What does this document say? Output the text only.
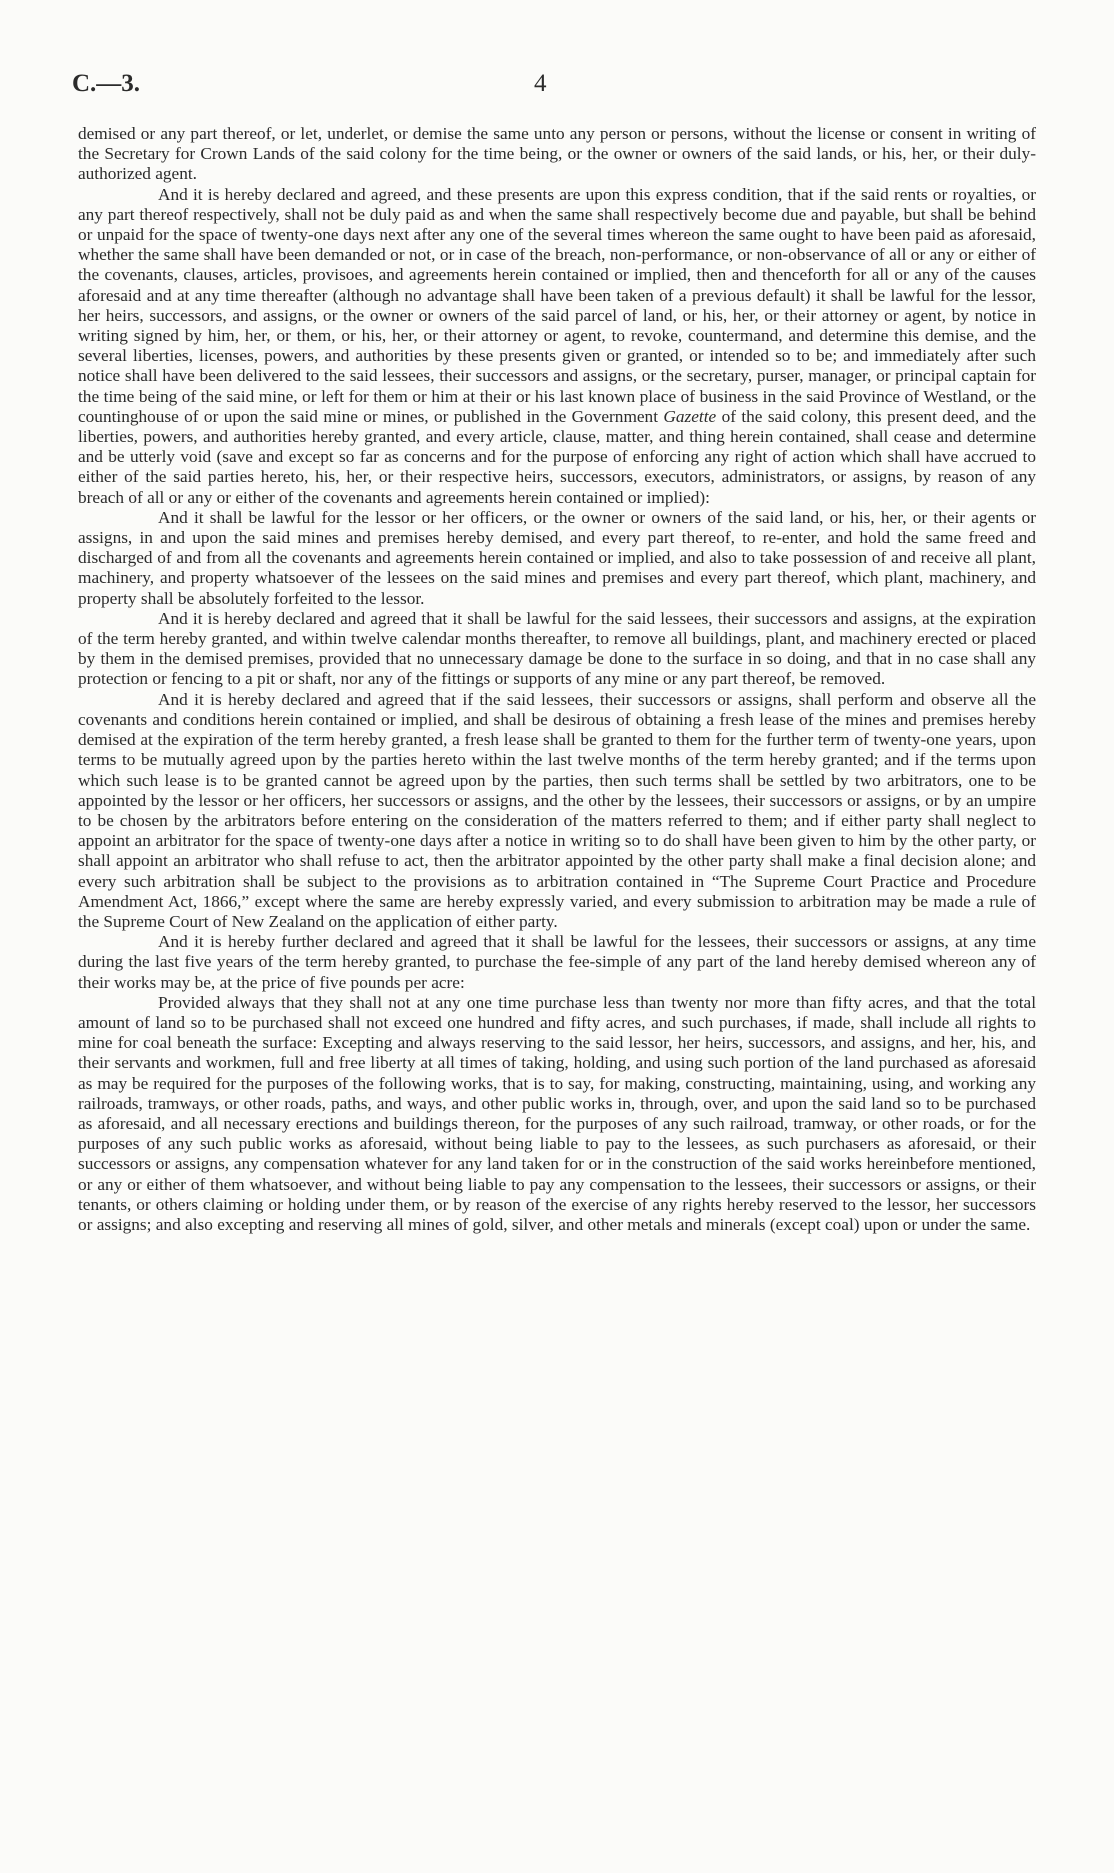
C.—3.	4

demised or any part thereof, or let, underlet, or demise the same unto any person or persons, without the license or consent in writing of the Secretary for Crown Lands of the said colony for the time being, or the owner or owners of the said lands, or his, her, or their duly-authorized agent.

And it is hereby declared and agreed, and these presents are upon this express condition, that if the said rents or royalties, or any part thereof respectively, shall not be duly paid as and when the same shall respectively become due and payable, but shall be behind or unpaid for the space of twenty-one days next after any one of the several times whereon the same ought to have been paid as aforesaid, whether the same shall have been demanded or not, or in case of the breach, non-performance, or non-observance of all or any or either of the covenants, clauses, articles, provisoes, and agreements herein contained or implied, then and thenceforth for all or any of the causes aforesaid and at any time thereafter (although no advantage shall have been taken of a previous default) it shall be lawful for the lessor, her heirs, successors, and assigns, or the owner or owners of the said parcel of land, or his, her, or their attorney or agent, by notice in writing signed by him, her, or them, or his, her, or their attorney or agent, to revoke, countermand, and determine this demise, and the several liberties, licenses, powers, and authorities by these presents given or granted, or intended so to be; and immediately after such notice shall have been delivered to the said lessees, their successors and assigns, or the secretary, purser, manager, or principal captain for the time being of the said mine, or left for them or him at their or his last known place of business in the said Province of Westland, or the countinghouse of or upon the said mine or mines, or published in the Government Gazette of the said colony, this present deed, and the liberties, powers, and authorities hereby granted, and every article, clause, matter, and thing herein contained, shall cease and determine and be utterly void (save and except so far as concerns and for the purpose of enforcing any right of action which shall have accrued to either of the said parties hereto, his, her, or their respective heirs, successors, executors, administrators, or assigns, by reason of any breach of all or any or either of the covenants and agreements herein contained or implied):

And it shall be lawful for the lessor or her officers, or the owner or owners of the said land, or his, her, or their agents or assigns, in and upon the said mines and premises hereby demised, and every part thereof, to re-enter, and hold the same freed and discharged of and from all the covenants and agreements herein contained or implied, and also to take possession of and receive all plant, machinery, and property whatsoever of the lessees on the said mines and premises and every part thereof, which plant, machinery, and property shall be absolutely forfeited to the lessor.

And it is hereby declared and agreed that it shall be lawful for the said lessees, their successors and assigns, at the expiration of the term hereby granted, and within twelve calendar months thereafter, to remove all buildings, plant, and machinery erected or placed by them in the demised premises, provided that no unnecessary damage be done to the surface in so doing, and that in no case shall any protection or fencing to a pit or shaft, nor any of the fittings or supports of any mine or any part thereof, be removed.

And it is hereby declared and agreed that if the said lessees, their successors or assigns, shall perform and observe all the covenants and conditions herein contained or implied, and shall be desirous of obtaining a fresh lease of the mines and premises hereby demised at the expiration of the term hereby granted, a fresh lease shall be granted to them for the further term of twenty-one years, upon terms to be mutually agreed upon by the parties hereto within the last twelve months of the term hereby granted; and if the terms upon which such lease is to be granted cannot be agreed upon by the parties, then such terms shall be settled by two arbitrators, one to be appointed by the lessor or her officers, her successors or assigns, and the other by the lessees, their successors or assigns, or by an umpire to be chosen by the arbitrators before entering on the consideration of the matters referred to them; and if either party shall neglect to appoint an arbitrator for the space of twenty-one days after a notice in writing so to do shall have been given to him by the other party, or shall appoint an arbitrator who shall refuse to act, then the arbitrator appointed by the other party shall make a final decision alone; and every such arbitration shall be subject to the provisions as to arbitration contained in “The Supreme Court Practice and Procedure Amendment Act, 1866,” except where the same are hereby expressly varied, and every submission to arbitration may be made a rule of the Supreme Court of New Zealand on the application of either party.

And it is hereby further declared and agreed that it shall be lawful for the lessees, their successors or assigns, at any time during the last five years of the term hereby granted, to purchase the fee-simple of any part of the land hereby demised whereon any of their works may be, at the price of five pounds per acre:

Provided always that they shall not at any one time purchase less than twenty nor more than fifty acres, and that the total amount of land so to be purchased shall not exceed one hundred and fifty acres, and such purchases, if made, shall include all rights to mine for coal beneath the surface: Excepting and always reserving to the said lessor, her heirs, successors, and assigns, and her, his, and their servants and workmen, full and free liberty at all times of taking, holding, and using such portion of the land purchased as aforesaid as may be required for the purposes of the following works, that is to say, for making, constructing, maintaining, using, and working any railroads, tramways, or other roads, paths, and ways, and other public works in, through, over, and upon the said land so to be purchased as aforesaid, and all necessary erections and buildings thereon, for the purposes of any such railroad, tramway, or other roads, or for the purposes of any such public works as aforesaid, without being liable to pay to the lessees, as such purchasers as aforesaid, or their successors or assigns, any compensation whatever for any land taken for or in the construction of the said works hereinbefore mentioned, or any or either of them whatsoever, and without being liable to pay any compensation to the lessees, their successors or assigns, or their tenants, or others claiming or holding under them, or by reason of the exercise of any rights hereby reserved to the lessor, her successors or assigns; and also excepting and reserving all mines of gold, silver, and other metals and minerals (except coal) upon or under the same.
